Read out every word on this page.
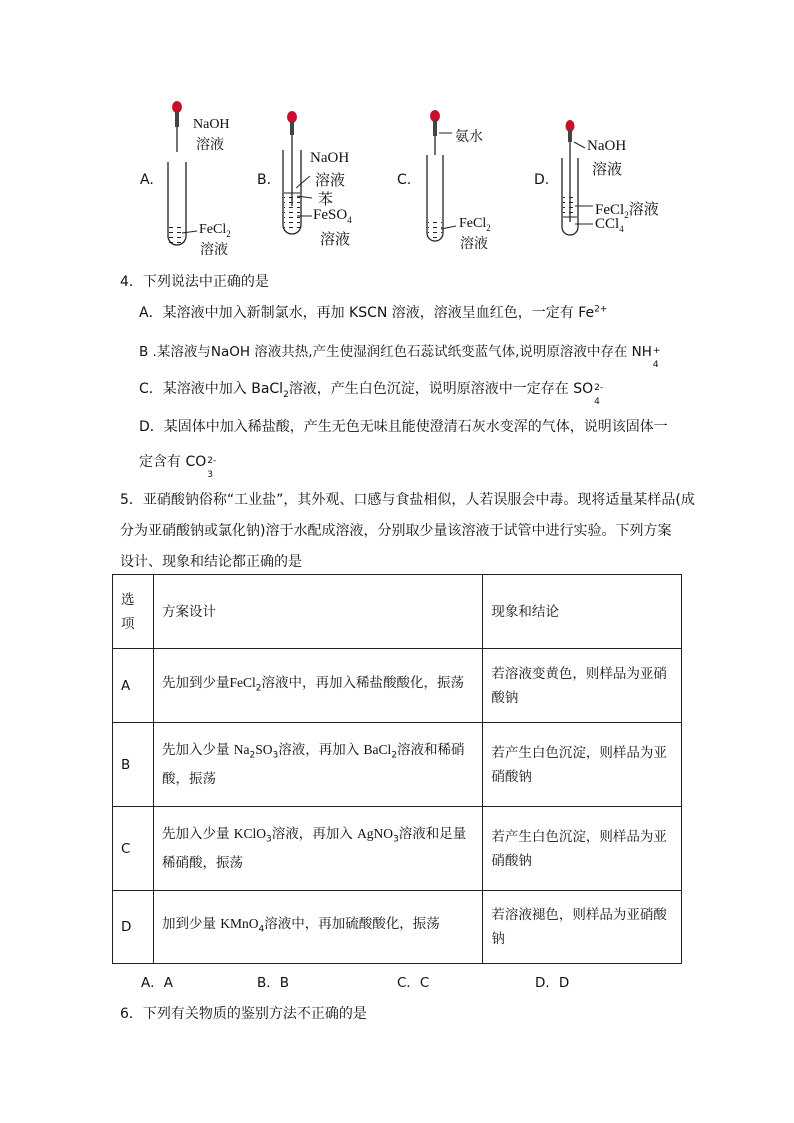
A.
NaOH
溶液
FeCl$_2$
溶液
B.
NaOH
溶液
苯
FeSO$_4$
溶液
C.
氨水
FeCl$_2$
溶液
D.
NaOH
溶液
FeCl$_2$溶液
CCl$_4$
4．下列说法中正确的是
A．某溶液中加入新制氯水，再加 KSCN 溶液，溶液呈血红色，一定有 $Fe^{2+}$
B .某溶液与NaOH 溶液共热,产生使湿润红色石蕊试纸变蓝气体,说明原溶液中存在 NH +
4
C．某溶液中加入 BaCl$_2$溶液，产生白色沉淀，说明原溶液中一定存在 SO 2-
4
D．某固体中加入稀盐酸，产生无色无味且能使澄清石灰水变浑的气体，说明该固体一
定含有 CO 2-
3
5．亚硝酸钠俗称“工业盐”，其外观、口感与食盐相似，人若误服会中毒。现将适量某样品(成
分为亚硝酸钠或氯化钠)溶于水配成溶液，分别取少量该溶液于试管中进行实验。下列方案
设计、现象和结论都正确的是
选
项	方案设计	现象和结论
A	先加到少量FeCl$_2$溶液中，再加入稀盐酸酸化，振荡	若溶液变黄色，则样品为亚硝酸钠
B	先加入少量 $Na_2SO_3$溶液，再加入 BaCl$_2$溶液和稀硝酸，振荡	若产生白色沉淀，则样品为亚硝酸钠
C	先加入少量 KClO$_3$溶液，再加入 AgNO$_3$溶液和足量稀硝酸，振荡	若产生白色沉淀，则样品为亚硝酸钠
D	加到少量 KMnO$_4$溶液中，再加硫酸酸化，振荡	若溶液褪色，则样品为亚硝酸钠
A．A	B．B	C．C	D．D
6．下列有关物质的鉴别方法不正确的是
